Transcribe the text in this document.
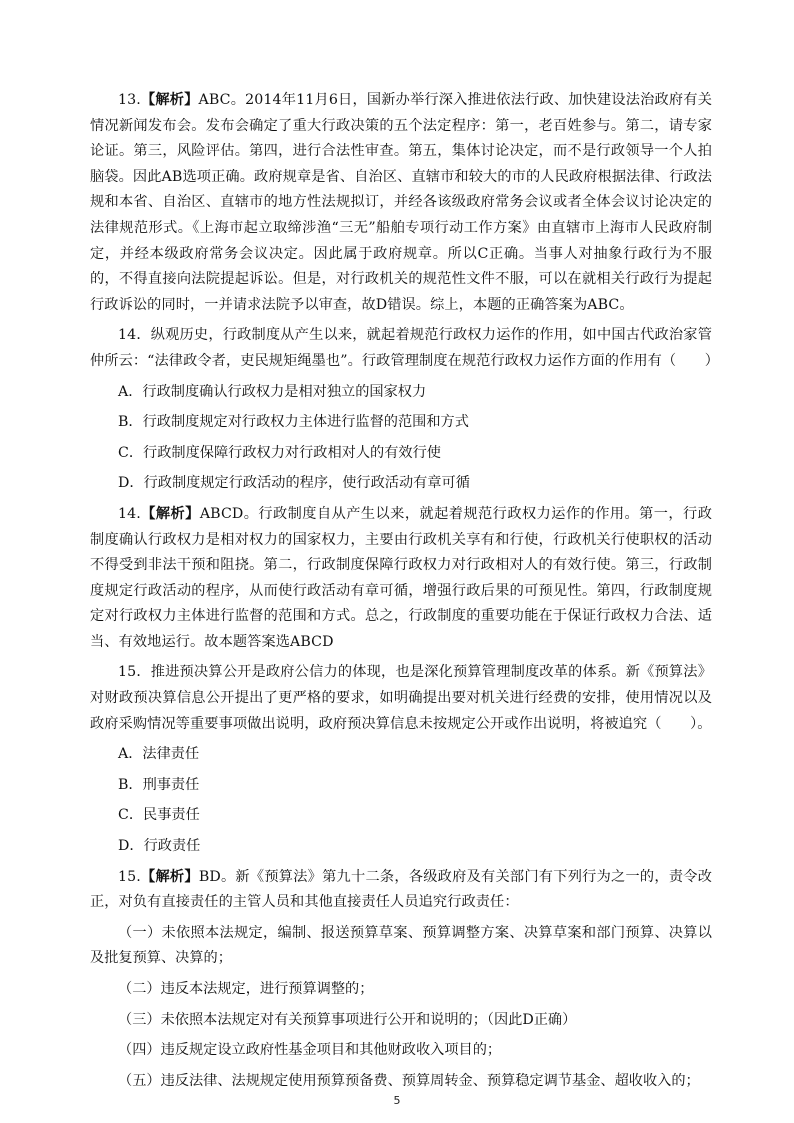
13.【解析】ABC。2014年11月6日，国新办举行深入推进依法行政、加快建设法治政府有关情况新闻发布会。发布会确定了重大行政决策的五个法定程序：第一，老百姓参与。第二，请专家论证。第三，风险评估。第四，进行合法性审查。第五，集体讨论决定，而不是行政领导一个人拍脑袋。因此AB选项正确。政府规章是省、自治区、直辖市和较大的市的人民政府根据法律、行政法规和本省、自治区、直辖市的地方性法规拟订，并经各该级政府常务会议或者全体会议讨论决定的法律规范形式。《上海市起立取缔涉渔“三无”船舶专项行动工作方案》由直辖市上海市人民政府制定，并经本级政府常务会议决定。因此属于政府规章。所以C正确。当事人对抽象行政行为不服的，不得直接向法院提起诉讼。但是，对行政机关的规范性文件不服，可以在就相关行政行为提起行政诉讼的同时，一并请求法院予以审查，故D错误。综上，本题的正确答案为ABC。

14．纵观历史，行政制度从产生以来，就起着规范行政权力运作的作用，如中国古代政治家管仲所云：“法律政令者，吏民规矩绳墨也”。行政管理制度在规范行政权力运作方面的作用有（　　）

A．行政制度确认行政权力是相对独立的国家权力

B．行政制度规定对行政权力主体进行监督的范围和方式

C．行政制度保障行政权力对行政相对人的有效行使

D．行政制度规定行政活动的程序，使行政活动有章可循

14.【解析】ABCD。行政制度自从产生以来，就起着规范行政权力运作的作用。第一，行政制度确认行政权力是相对权力的国家权力，主要由行政机关享有和行使，行政机关行使职权的活动不得受到非法干预和阻挠。第二，行政制度保障行政权力对行政相对人的有效行使。第三，行政制度规定行政活动的程序，从而使行政活动有章可循，增强行政后果的可预见性。第四，行政制度规定对行政权力主体进行监督的范围和方式。总之，行政制度的重要功能在于保证行政权力合法、适当、有效地运行。故本题答案选ABCD

15．推进预决算公开是政府公信力的体现，也是深化预算管理制度改革的体系。新《预算法》对财政预决算信息公开提出了更严格的要求，如明确提出要对机关进行经费的安排，使用情况以及政府采购情况等重要事项做出说明，政府预决算信息未按规定公开或作出说明，将被追究（　　）。

A．法律责任

B．刑事责任

C．民事责任

D．行政责任

15.【解析】BD。新《预算法》第九十二条，各级政府及有关部门有下列行为之一的，责令改正，对负有直接责任的主管人员和其他直接责任人员追究行政责任：

（一）未依照本法规定，编制、报送预算草案、预算调整方案、决算草案和部门预算、决算以及批复预算、决算的；

（二）违反本法规定，进行预算调整的；

（三）未依照本法规定对有关预算事项进行公开和说明的；（因此D正确）

（四）违反规定设立政府性基金项目和其他财政收入项目的；

（五）违反法律、法规规定使用预算预备费、预算周转金、预算稳定调节基金、超收收入的；

5
